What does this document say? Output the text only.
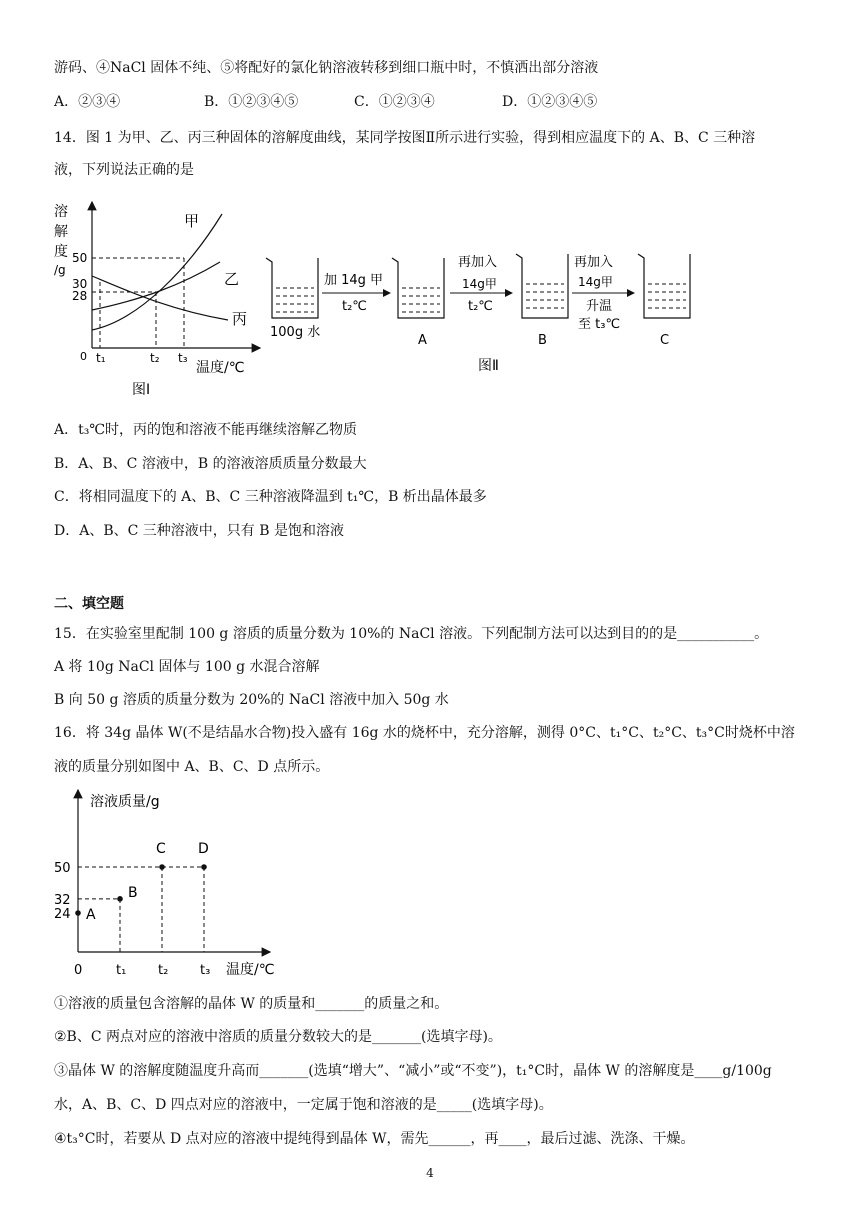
游码、④NaCl 固体不纯、⑤将配好的氯化钠溶液转移到细口瓶中时，不慎洒出部分溶液
A．②③④	B．①②③④⑤	C．①②③④	D．①②③④⑤
14．图 1 为甲、乙、丙三种固体的溶解度曲线，某同学按图Ⅱ所示进行实验，得到相应温度下的 A、B、C 三种溶
液，下列说法正确的是
溶
解
度
/g
50
30
28
0 t₁	t₂ t₃
温度/℃
甲
乙
丙
图Ⅰ
100g 水
加 14g 甲
t₂℃
A
再加入
14g甲
t₂℃
B
再加入
14g甲
升温
至 t₃℃
C
图Ⅱ
A．t₃℃时，丙的饱和溶液不能再继续溶解乙物质
B．A、B、C 溶液中，B 的溶液溶质质量分数最大
C．将相同温度下的 A、B、C 三种溶液降温到 t₁℃，B 析出晶体最多
D．A、B、C 三种溶液中，只有 B 是饱和溶液
二、填空题
15．在实验室里配制 100 g 溶质的质量分数为 10%的 NaCl 溶液。下列配制方法可以达到目的的是___________。
A 将 10g NaCl 固体与 100 g 水混合溶解
B 向 50 g 溶质的质量分数为 20%的 NaCl 溶液中加入 50g 水
16．将 34g 晶体 W(不是结晶水合物)投入盛有 16g 水的烧杯中，充分溶解，测得 0°C、t₁°C、t₂°C、t₃°C时烧杯中溶
液的质量分别如图中 A、B、C、D 点所示。
溶液质量/g
温度/℃
0	t₁ t₂ t₃
24
32
50
A
B
C D
①溶液的质量包含溶解的晶体 W 的质量和_______的质量之和。
②B、C 两点对应的溶液中溶质的质量分数较大的是_______(选填字母)。
③晶体 W 的溶解度随温度升高而_______(选填“增大”、“减小”或“不变”)，t₁°C时，晶体 W 的溶解度是____g/100g
水，A、B、C、D 四点对应的溶液中，一定属于饱和溶液的是_____(选填字母)。
④t₃°C时，若要从 D 点对应的溶液中提纯得到晶体 W，需先______，再____，最后过滤、洗涤、干燥。
4
